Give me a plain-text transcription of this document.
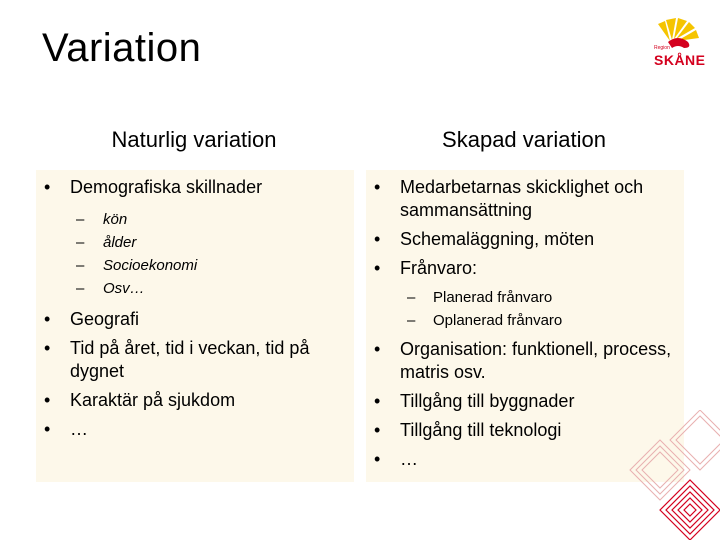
Variation	Region
SKÅNE
Naturlig variation	Skapad variation
• Demografiska skillnader
– kön
– ålder
– Socioekonomi
– Osv…
• Geografi
• Tid på året, tid i veckan, tid på dygnet
• Karaktär på sjukdom
• …
• Medarbetarnas skicklighet och sammansättning
• Schemaläggning, möten
• Frånvaro:
– Planerad frånvaro
– Oplanerad frånvaro
• Organisation: funktionell, process, matris osv.
• Tillgång till byggnader
• Tillgång till teknologi
• …
